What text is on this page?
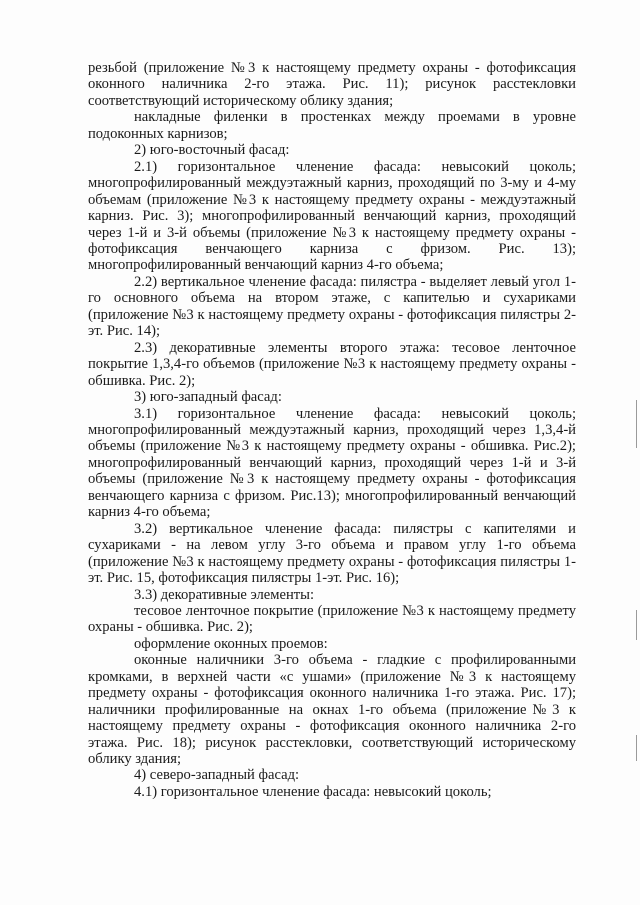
резьбой (приложение №3 к настоящему предмету охраны - фотофиксация оконного наличника 2-го этажа. Рис. 11); рисунок расстекловки соответствующий историческому облику здания;

накладные филенки в простенках между проемами в уровне подоконных карнизов;

2) юго-восточный фасад:

2.1) горизонтальное членение фасада: невысокий цоколь; многопрофилированный междуэтажный карниз, проходящий по 3-му и 4-му объемам (приложение №3 к настоящему предмету охраны - междуэтажный карниз. Рис. 3); многопрофилированный венчающий карниз, проходящий через 1-й и 3-й объемы (приложение №3 к настоящему предмету охраны - фотофиксация венчающего карниза с фризом. Рис. 13); многопрофилированный венчающий карниз 4-го объема;

2.2) вертикальное членение фасада: пилястра - выделяет левый угол 1-го основного объема на втором этаже, с капителью и сухариками (приложение №3 к настоящему предмету охраны - фотофиксация пилястры 2-эт. Рис. 14);

2.3) декоративные элементы второго этажа: тесовое ленточное покрытие 1,3,4-го объемов (приложение №3 к настоящему предмету охраны - обшивка. Рис. 2);

3) юго-западный фасад:

3.1) горизонтальное членение фасада: невысокий цоколь; многопрофилированный междуэтажный карниз, проходящий через 1,3,4-й объемы (приложение №3 к настоящему предмету охраны - обшивка. Рис.2); многопрофилированный венчающий карниз, проходящий через 1-й и 3-й объемы (приложение №3 к настоящему предмету охраны - фотофиксация венчающего карниза с фризом. Рис.13); многопрофилированный венчающий карниз 4-го объема;

3.2) вертикальное членение фасада: пилястры с капителями и сухариками - на левом углу 3-го объема и правом углу 1-го объема (приложение №3 к настоящему предмету охраны - фотофиксация пилястры 1-эт. Рис. 15, фотофиксация пилястры 1-эт. Рис. 16);

3.3) декоративные элементы:

тесовое ленточное покрытие (приложение №3 к настоящему предмету охраны - обшивка. Рис. 2);

оформление оконных проемов:

оконные наличники 3-го объема - гладкие с профилированными кромками, в верхней части «с ушами» (приложение №3 к настоящему предмету охраны - фотофиксация оконного наличника 1-го этажа. Рис. 17); наличники профилированные на окнах 1-го объема (приложение№3 к настоящему предмету охраны - фотофиксация оконного наличника 2-го этажа. Рис. 18); рисунок расстекловки, соответствующий историческому облику здания;

4) северо-западный фасад:

4.1) горизонтальное членение фасада: невысокий цоколь;
